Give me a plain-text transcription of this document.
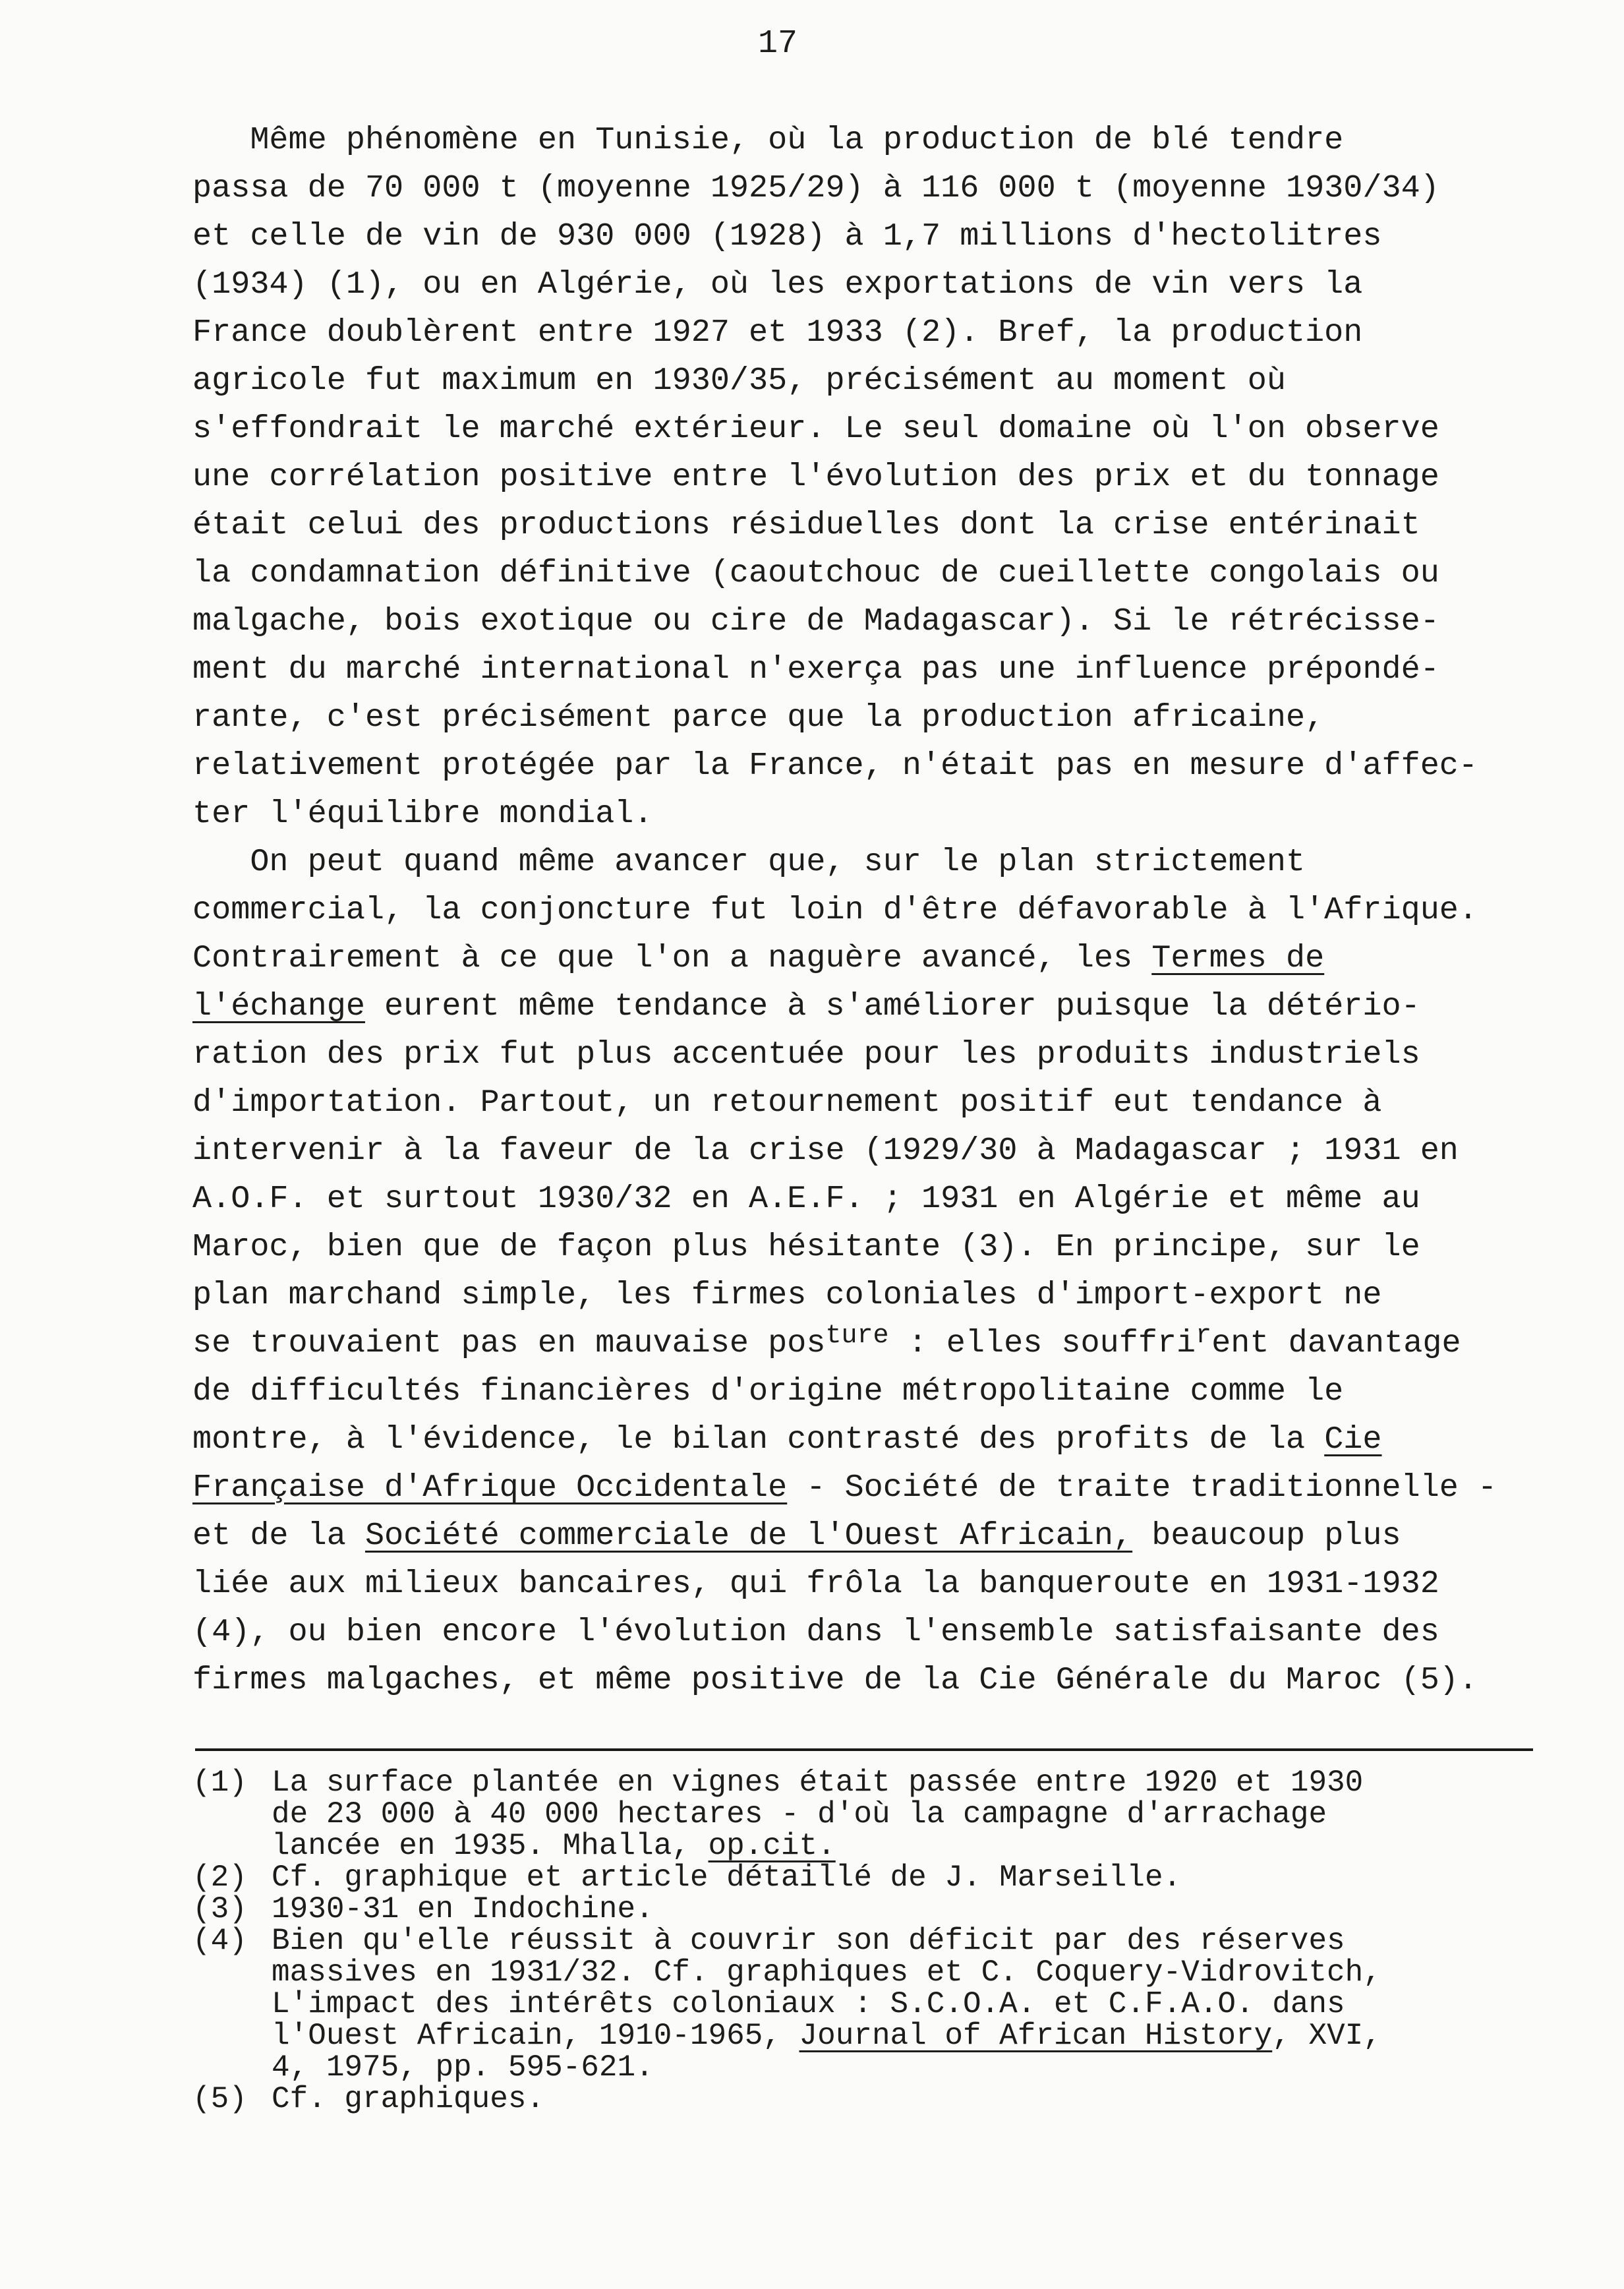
17
Même phénomène en Tunisie, où la production de blé tendre
passa de 70 000 t (moyenne 1925/29) à 116 000 t (moyenne 1930/34)
et celle de vin de 930 000 (1928) à 1,7 millions d'hectolitres
(1934) (1), ou en Algérie, où les exportations de vin vers la
France doublèrent entre 1927 et 1933 (2). Bref, la production
agricole fut maximum en 1930/35, précisément au moment où
s'effondrait le marché extérieur. Le seul domaine où l'on observe
une corrélation positive entre l'évolution des prix et du tonnage
était celui des productions résiduelles dont la crise entérinait
la condamnation définitive (caoutchouc de cueillette congolais ou
malgache, bois exotique ou cire de Madagascar). Si le rétrécisse-
ment du marché international n'exerça pas une influence prépondé-
rante, c'est précisément parce que la production africaine,
relativement protégée par la France, n'était pas en mesure d'affec-
ter l'équilibre mondial.
On peut quand même avancer que, sur le plan strictement
commercial, la conjoncture fut loin d'être défavorable à l'Afrique.
Contrairement à ce que l'on a naguère avancé, les Termes de
l'échange eurent même tendance à s'améliorer puisque la détério-
ration des prix fut plus accentuée pour les produits industriels
d'importation. Partout, un retournement positif eut tendance à
intervenir à la faveur de la crise (1929/30 à Madagascar ; 1931 en
A.O.F. et surtout 1930/32 en A.E.F. ; 1931 en Algérie et même au
Maroc, bien que de façon plus hésitante (3). En principe, sur le
plan marchand simple, les firmes coloniales d'import-export ne
se trouvaient pas en mauvaise pos$^{ture}$ : elles souffri$^r$ent davantage
de difficultés financières d'origine métropolitaine comme le
montre, à l'évidence, le bilan contrasté des profits de la Cie
Française d'Afrique Occidentale - Société de traite traditionnelle -
et de la Société commerciale de l'Ouest Africain, beaucoup plus
liée aux milieux bancaires, qui frôla la banqueroute en 1931-1932
(4), ou bien encore l'évolution dans l'ensemble satisfaisante des
firmes malgaches, et même positive de la Cie Générale du Maroc (5).
(1) La surface plantée en vignes était passée entre 1920 et 1930
de 23 000 à 40 000 hectares - d'où la campagne d'arrachage lancée en 1935. Mhalla, op.cit.
(2) Cf. graphique et article détaillé de J. Marseille.
(3) 1930-31 en Indochine.
(4) Bien qu'elle réussit à couvrir son déficit par des réserves
massives en 1931/32. Cf. graphiques et C. Coquery-Vidrovitch, L'impact des intérêts coloniaux : S.C.O.A. et C.F.A.O. dans l'Ouest Africain, 1910-1965, Journal of African History, XVI, 4, 1975, pp. 595-621.
(5) Cf. graphiques.
